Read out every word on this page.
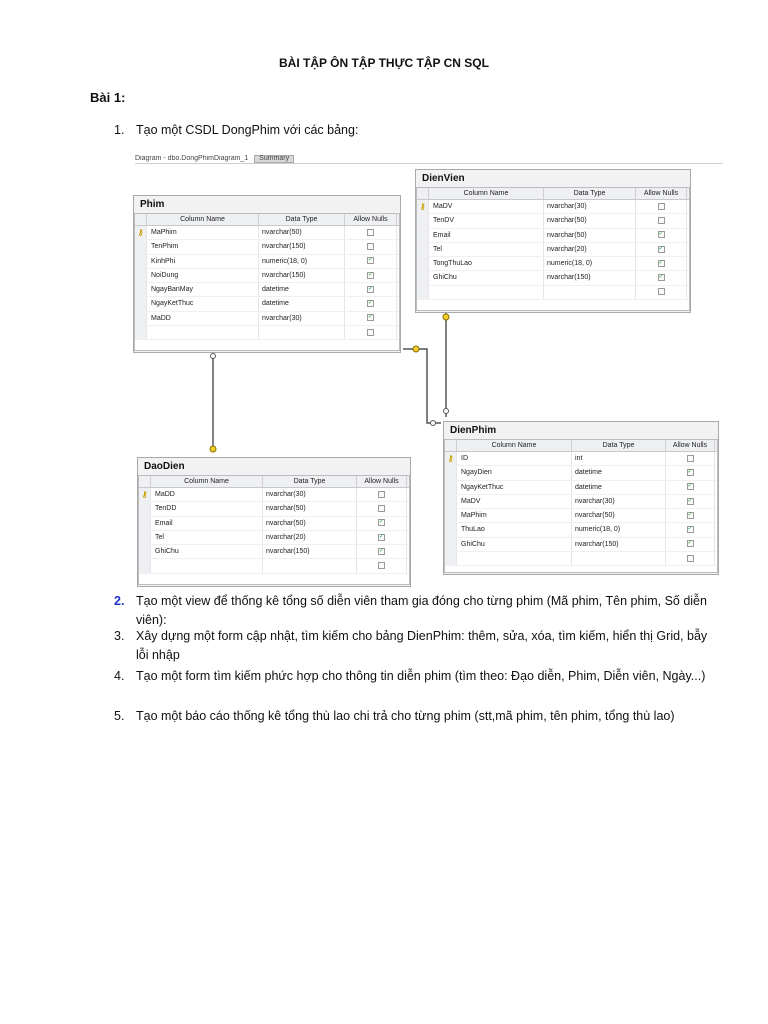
BÀI TẬP ÔN TẬP THỰC TẬP CN SQL
Bài 1:
1. Tạo một CSDL DongPhim với các bảng:
Diagram - dbo.DongPhimDiagram_1 Summary
Phim
Column Name	Data Type	Allow Nulls
⚷	MaPhim	nvarchar(50)
TenPhim	nvarchar(150)
KinhPhi	numeric(18, 0)	✓
NoiDung	nvarchar(150)	✓
NgayBanMay	datetime	✓
NgayKetThuc	datetime	✓
MaDD	nvarchar(30)	✓
DienVien
Column Name	Data Type	Allow Nulls
⚷	MaDV	nvarchar(30)
TenDV	nvarchar(50)
Email	nvarchar(50)	✓
Tel	nvarchar(20)	✓
TongThuLao	numeric(18, 0)	✓
GhiChu	nvarchar(150)	✓
DaoDien
Column Name	Data Type	Allow Nulls
⚷	MaDD	nvarchar(30)
TenDD	nvarchar(50)
Email	nvarchar(50)	✓
Tel	nvarchar(20)	✓
GhiChu	nvarchar(150)	✓
DienPhim
Column Name	Data Type	Allow Nulls
⚷	ID	int
NgayDien	datetime	✓
NgayKetThuc	datetime	✓
MaDV	nvarchar(30)	✓
MaPhim	nvarchar(50)	✓
ThuLao	numeric(18, 0)	✓
GhiChu	nvarchar(150)	✓
2. Tạo một view để thống kê tổng số diễn viên tham gia đóng cho từng phim (Mã phim, Tên phim, Số diễn viên):
3. Xây dựng một form cập nhật, tìm kiếm cho bảng DienPhim: thêm, sửa, xóa, tìm kiếm, hiển thị Grid, bẫy lỗi nhập
4. Tạo một form tìm kiếm phức hợp cho thông tin diễn phim (tìm theo: Đạo diễn, Phim, Diễn viên, Ngày...)
5. Tạo một báo cáo thống kê tổng thù lao chi trả cho từng phim (stt,mã phim, tên phim, tổng thù lao)
